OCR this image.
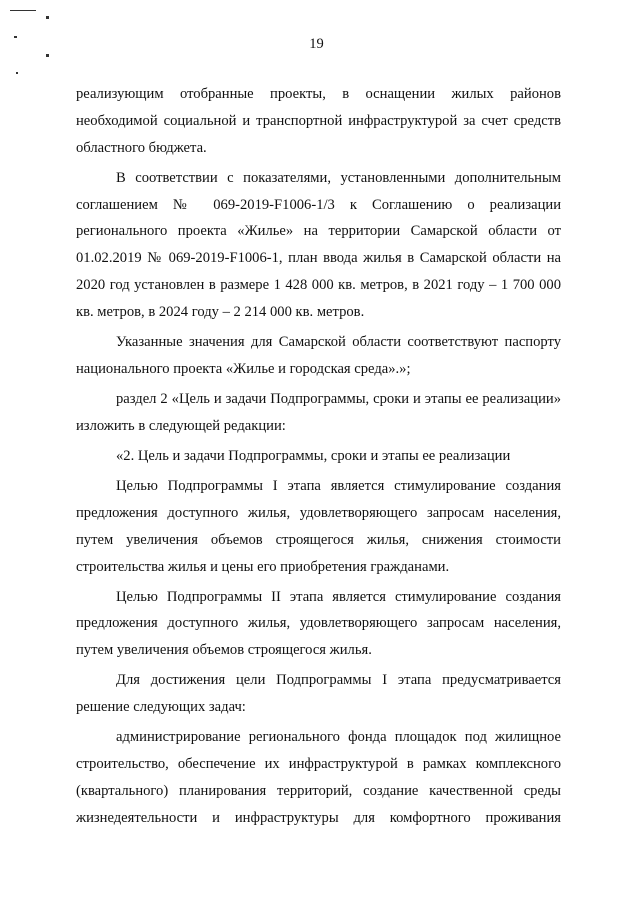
19

реализующим отобранные проекты, в оснащении жилых районов необходимой социальной и транспортной инфраструктурой за счет средств областного бюджета.

В соответствии с показателями, установленными дополнительным соглашением № 069-2019-F1006-1/3 к Соглашению о реализации регионального проекта «Жилье» на территории Самарской области от 01.02.2019 № 069-2019-F1006-1, план ввода жилья в Самарской области на 2020 год установлен в размере 1 428 000 кв. метров, в 2021 году – 1 700 000 кв. метров, в 2024 году – 2 214 000 кв. метров.

Указанные значения для Самарской области соответствуют паспорту национального проекта «Жилье и городская среда».»;

раздел 2 «Цель и задачи Подпрограммы, сроки и этапы ее реализации» изложить в следующей редакции:

«2. Цель и задачи Подпрограммы, сроки и этапы ее реализации

Целью Подпрограммы I этапа является стимулирование создания предложения доступного жилья, удовлетворяющего запросам населения, путем увеличения объемов строящегося жилья, снижения стоимости строительства жилья и цены его приобретения гражданами.

Целью Подпрограммы II этапа является стимулирование создания предложения доступного жилья, удовлетворяющего запросам населения, путем увеличения объемов строящегося жилья.

Для достижения цели Подпрограммы I этапа предусматривается решение следующих задач:

администрирование регионального фонда площадок под жилищное строительство, обеспечение их инфраструктурой в рамках комплексного (квартального) планирования территорий, создание качественной среды жизнедеятельности и инфраструктуры для комфортного проживания
